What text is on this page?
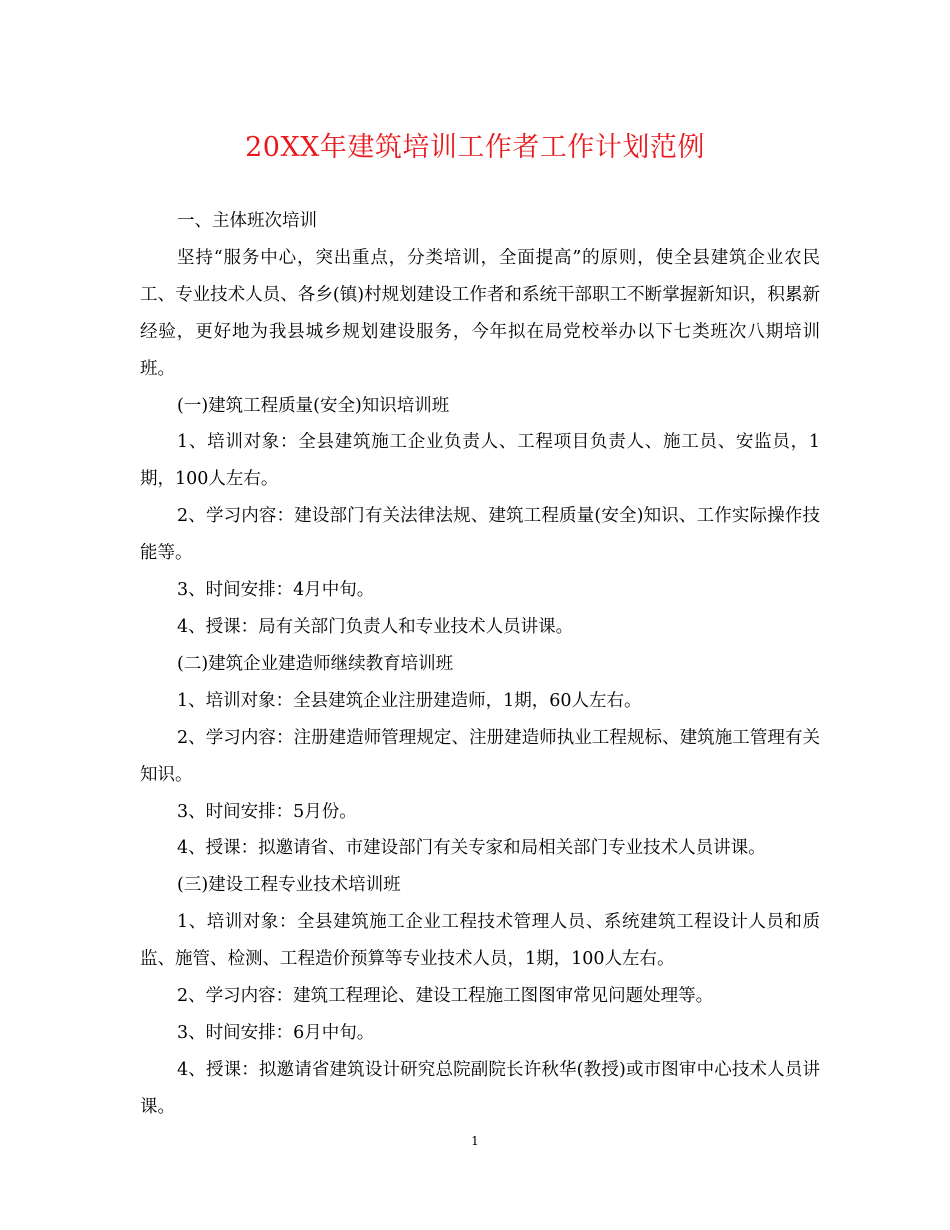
20XX年建筑培训工作者工作计划范例

一、主体班次培训

坚持“服务中心，突出重点，分类培训，全面提高”的原则，使全县建筑企业农民工、专业技术人员、各乡(镇)村规划建设工作者和系统干部职工不断掌握新知识，积累新经验，更好地为我县城乡规划建设服务，今年拟在局党校举办以下七类班次八期培训班。

(一)建筑工程质量(安全)知识培训班

1、培训对象：全县建筑施工企业负责人、工程项目负责人、施工员、安监员，1期，100人左右。

2、学习内容：建设部门有关法律法规、建筑工程质量(安全)知识、工作实际操作技能等。

3、时间安排：4月中旬。

4、授课：局有关部门负责人和专业技术人员讲课。

(二)建筑企业建造师继续教育培训班

1、培训对象：全县建筑企业注册建造师，1期，60人左右。

2、学习内容：注册建造师管理规定、注册建造师执业工程规标、建筑施工管理有关知识。

3、时间安排：5月份。

4、授课：拟邀请省、市建设部门有关专家和局相关部门专业技术人员讲课。

(三)建设工程专业技术培训班

1、培训对象：全县建筑施工企业工程技术管理人员、系统建筑工程设计人员和质监、施管、检测、工程造价预算等专业技术人员，1期，100人左右。

2、学习内容：建筑工程理论、建设工程施工图图审常见问题处理等。

3、时间安排：6月中旬。

4、授课：拟邀请省建筑设计研究总院副院长许秋华(教授)或市图审中心技术人员讲课。

1
